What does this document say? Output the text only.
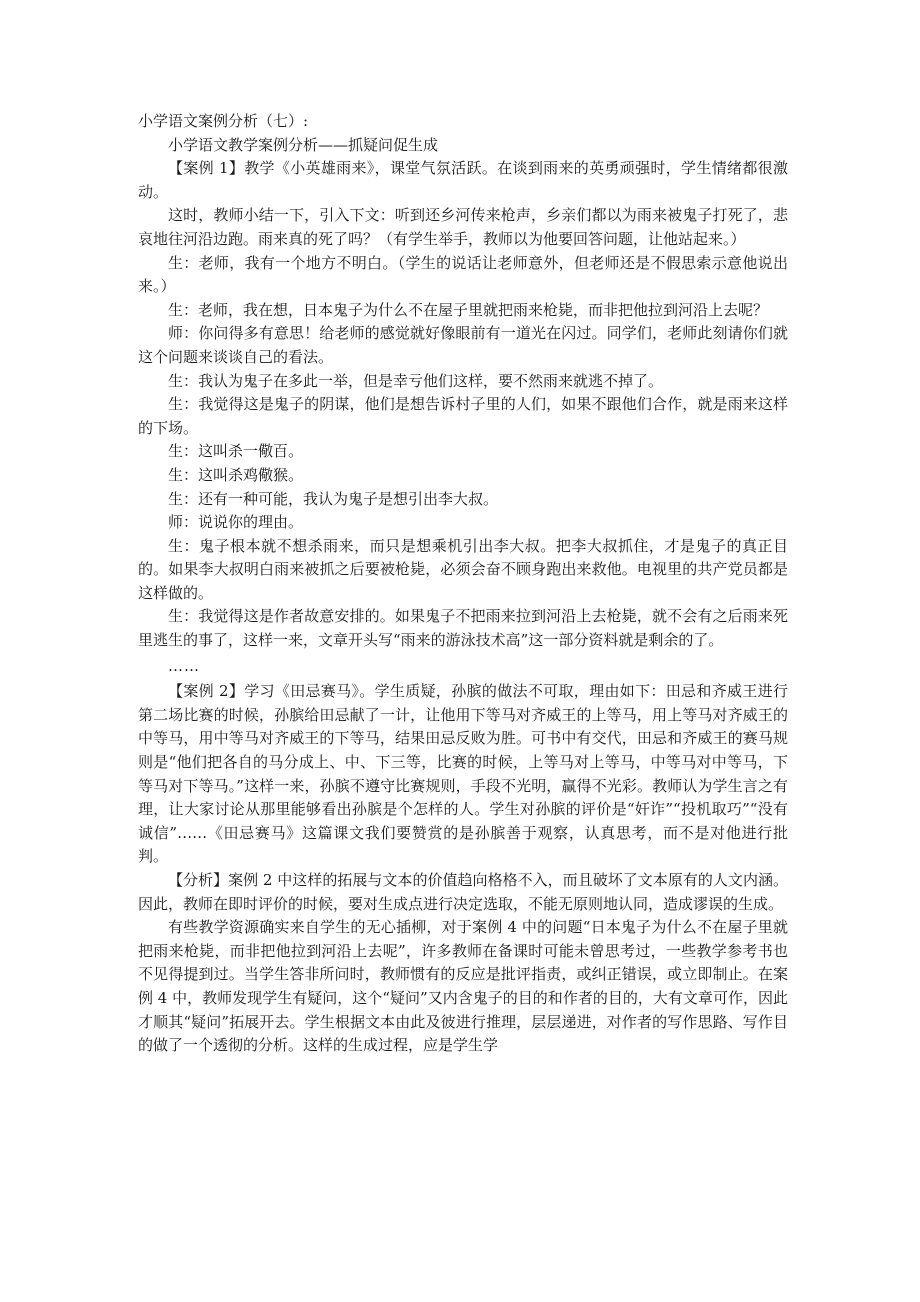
小学语文案例分析（七）:

小学语文教学案例分析——抓疑问促生成

【案例 1】教学《小英雄雨来》，课堂气氛活跃。在谈到雨来的英勇顽强时，学生情绪都很激动。

这时，教师小结一下，引入下文：听到还乡河传来枪声，乡亲们都以为雨来被鬼子打死了，悲哀地往河沿边跑。雨来真的死了吗？（有学生举手，教师以为他要回答问题，让他站起来。）

生：老师，我有一个地方不明白。（学生的说话让老师意外，但老师还是不假思索示意他说出来。）

生：老师，我在想，日本鬼子为什么不在屋子里就把雨来枪毙，而非把他拉到河沿上去呢？

师：你问得多有意思！给老师的感觉就好像眼前有一道光在闪过。同学们，老师此刻请你们就这个问题来谈谈自己的看法。

生：我认为鬼子在多此一举，但是幸亏他们这样，要不然雨来就逃不掉了。

生：我觉得这是鬼子的阴谋，他们是想告诉村子里的人们，如果不跟他们合作，就是雨来这样的下场。

生：这叫杀一儆百。

生：这叫杀鸡儆猴。

生：还有一种可能，我认为鬼子是想引出李大叔。

师：说说你的理由。

生：鬼子根本就不想杀雨来，而只是想乘机引出李大叔。把李大叔抓住，才是鬼子的真正目的。如果李大叔明白雨来被抓之后要被枪毙，必须会奋不顾身跑出来救他。电视里的共产党员都是这样做的。

生：我觉得这是作者故意安排的。如果鬼子不把雨来拉到河沿上去枪毙，就不会有之后雨来死里逃生的事了，这样一来，文章开头写“雨来的游泳技术高”这一部分资料就是剩余的了。

……

【案例 2】学习《田忌赛马》。学生质疑，孙膑的做法不可取，理由如下：田忌和齐威王进行第二场比赛的时候，孙膑给田忌献了一计，让他用下等马对齐威王的上等马，用上等马对齐威王的中等马，用中等马对齐威王的下等马，结果田忌反败为胜。可书中有交代，田忌和齐威王的赛马规则是“他们把各自的马分成上、中、下三等，比赛的时候，上等马对上等马，中等马对中等马，下等马对下等马。”这样一来，孙膑不遵守比赛规则，手段不光明，赢得不光彩。教师认为学生言之有理，让大家讨论从那里能够看出孙膑是个怎样的人。学生对孙膑的评价是“奸诈”“投机取巧”“没有诚信”……《田忌赛马》这篇课文我们要赞赏的是孙膑善于观察，认真思考，而不是对他进行批判。

【分析】案例 2 中这样的拓展与文本的价值趋向格格不入，而且破坏了文本原有的人文内涵。因此，教师在即时评价的时候，要对生成点进行决定选取，不能无原则地认同，造成谬误的生成。

有些教学资源确实来自学生的无心插柳，对于案例 4 中的问题“日本鬼子为什么不在屋子里就把雨来枪毙，而非把他拉到河沿上去呢”，许多教师在备课时可能未曾思考过，一些教学参考书也不见得提到过。当学生答非所问时，教师惯有的反应是批评指责，或纠正错误，或立即制止。在案例 4 中，教师发现学生有疑问，这个“疑问”又内含鬼子的目的和作者的目的，大有文章可作，因此才顺其“疑问”拓展开去。学生根据文本由此及彼进行推理，层层递进，对作者的写作思路、写作目的做了一个透彻的分析。这样的生成过程，应是学生学
